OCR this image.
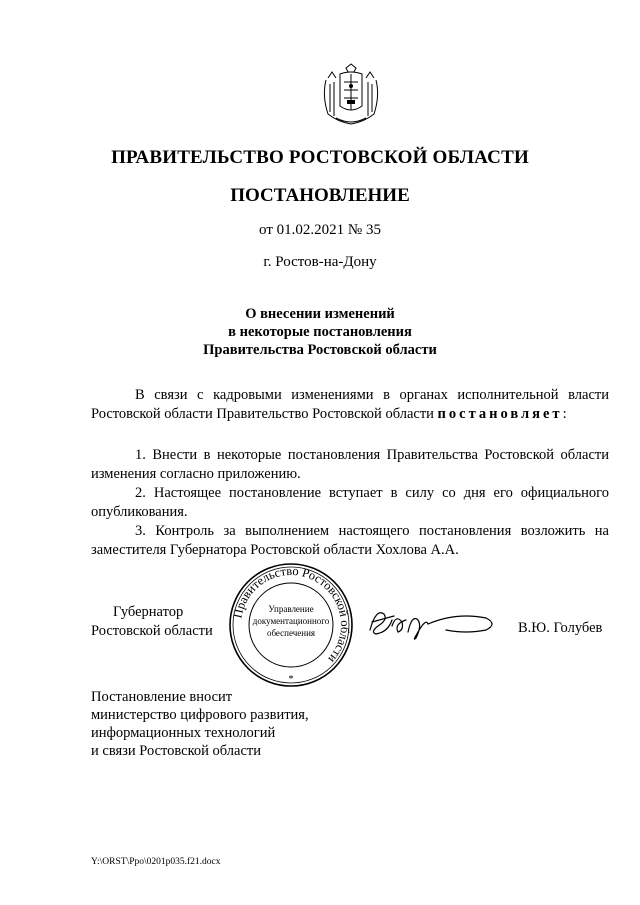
ПРАВИТЕЛЬСТВО РОСТОВСКОЙ ОБЛАСТИ
ПОСТАНОВЛЕНИЕ
от 01.02.2021 № 35
г. Ростов-на-Дону
О внесении изменений
в некоторые постановления
Правительства Ростовской области
В связи с кадровыми изменениями в органах исполнительной власти Ростовской области Правительство Ростовской области постановляет:
1. Внести в некоторые постановления Правительства Ростовской области изменения согласно приложению.
2. Настоящее постановление вступает в силу со дня его официального опубликования.
3. Контроль за выполнением настоящего постановления возложить на заместителя Губернатора Ростовской области Хохлова А.А.
Губернатор
Ростовской области
Правительство Ростовской области
Управление
документационного
обеспечения
*
В.Ю. Голубев
Постановление вносит
министерство цифрового развития,
информационных технологий
и связи Ростовской области
Y:\ORST\Ppo\0201p035.f21.docx
